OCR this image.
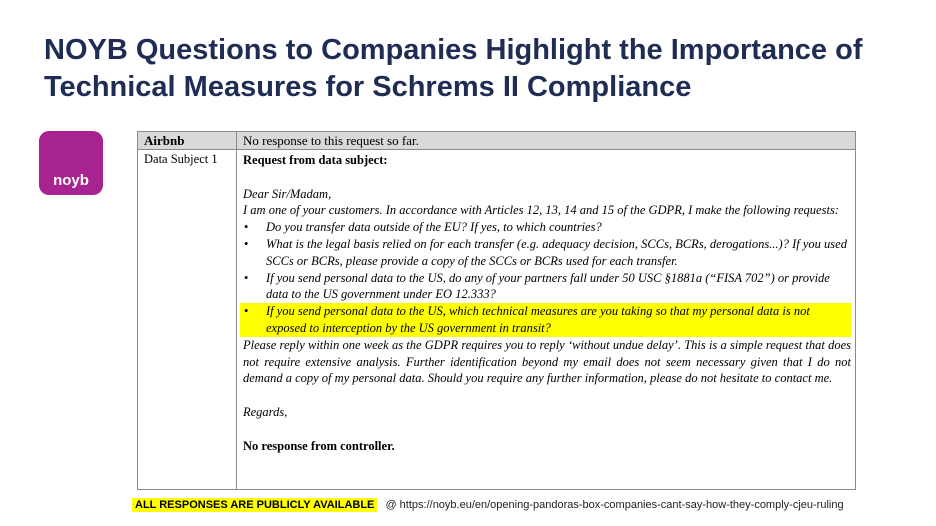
NOYB Questions to Companies Highlight the Importance of Technical Measures for Schrems II Compliance
noyb
Airbnb	No response to this request so far.
Data Subject 1 Request from data subject:

Dear Sir/Madam,

I am one of your customers. In accordance with Articles 12, 13, 14 and 15 of the GDPR, I make the following requests:

• Do you transfer data outside of the EU? If yes, to which countries?
• What is the legal basis relied on for each transfer (e.g. adequacy decision, SCCs, BCRs, derogations...)? If you used SCCs or BCRs, please provide a copy of the SCCs or BCRs used for each transfer.
• If you send personal data to the US, do any of your partners fall under 50 USC §1881a (“FISA 702”) or provide data to the US government under EO 12.333?
• If you send personal data to the US, which technical measures are you taking so that my personal data is not exposed to interception by the US government in transit?

Please reply within one week as the GDPR requires you to reply ‘without undue delay’. This is a simple request that does not require extensive analysis. Further identification beyond my email does not seem necessary given that I do not demand a copy of my personal data. Should you require any further information, please do not hesitate to contact me.

Regards,

No response from controller.

ALL RESPONSES ARE PUBLICLY AVAILABLE @ https://noyb.eu/en/opening-pandoras-box-companies-cant-say-how-they-comply-cjeu-ruling
